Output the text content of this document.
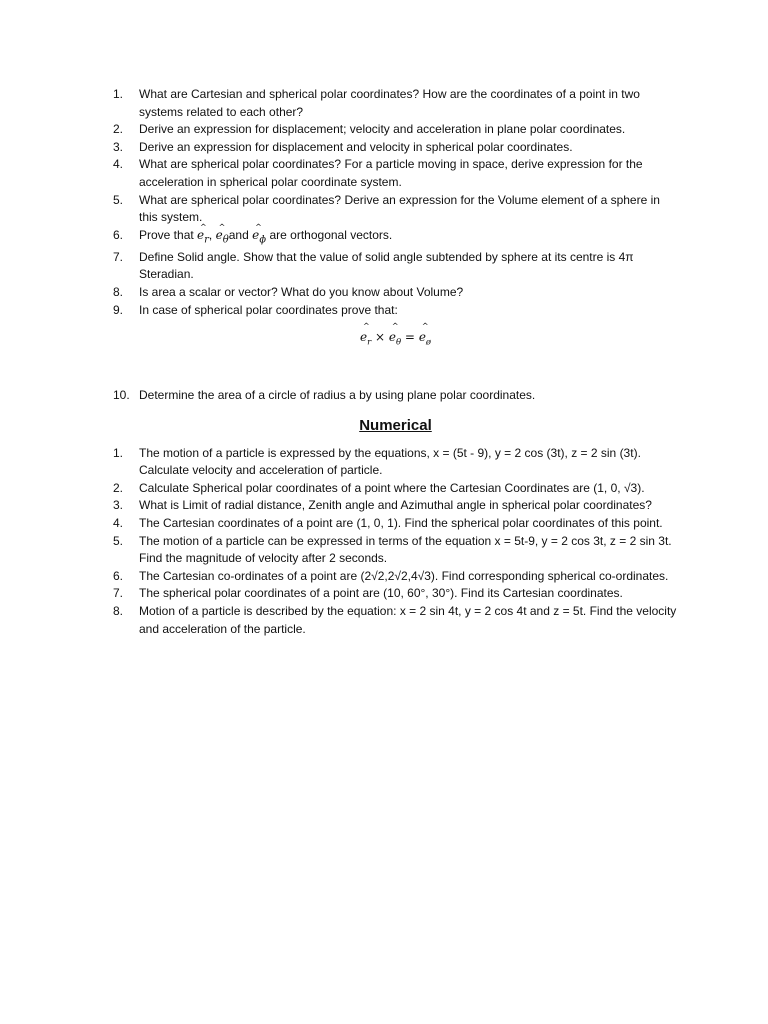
1.	What are Cartesian and spherical polar coordinates? How are the coordinates of a point in two systems related to each other?
2.	Derive an expression for displacement; velocity and acceleration in plane polar coordinates.
3.	Derive an expression for displacement and velocity in spherical polar coordinates.
4.	What are spherical polar coordinates? For a particle moving in space, derive expression for the acceleration in spherical polar coordinate system.
5.	What are spherical polar coordinates? Derive an expression for the Volume element of a sphere in this system.
6.	Prove that ^ $e_r$, ^ $e_\theta and$ ^ $e_ɸ$ are orthogonal vectors.
7.	Define Solid angle. Show that the value of solid angle subtended by sphere at its centre is 4π Steradian.
8.	Is area a scalar or vector? What do you know about Volume?
9.	In case of spherical polar coordinates prove that:
^ $e_r$ × ^ $e_\theta$ = ^ $e_ø$
10. Determine the area of a circle of radius a by using plane polar coordinates.
Numerical
1.	The motion of a particle is expressed by the equations, x = (5t - 9), y = 2 cos (3t), z = 2 sin (3t). Calculate velocity and acceleration of particle.
2.	Calculate Spherical polar coordinates of a point where the Cartesian Coordinates are (1, 0, √3).
3.	What is Limit of radial distance, Zenith angle and Azimuthal angle in spherical polar coordinates?
4.	The Cartesian coordinates of a point are (1, 0, 1). Find the spherical polar coordinates of this point.
5.	The motion of a particle can be expressed in terms of the equation x = 5t-9, y = 2 cos 3t, z = 2 sin 3t. Find the magnitude of velocity after 2 seconds.
6.	The Cartesian co-ordinates of a point are (2√2,2√2,4√3). Find corresponding spherical co-ordinates.
7.	The spherical polar coordinates of a point are (10, 60°, 30°). Find its Cartesian coordinates.
8.	Motion of a particle is described by the equation: x = 2 sin 4t, y = 2 cos 4t and z = 5t. Find the velocity and acceleration of the particle.
